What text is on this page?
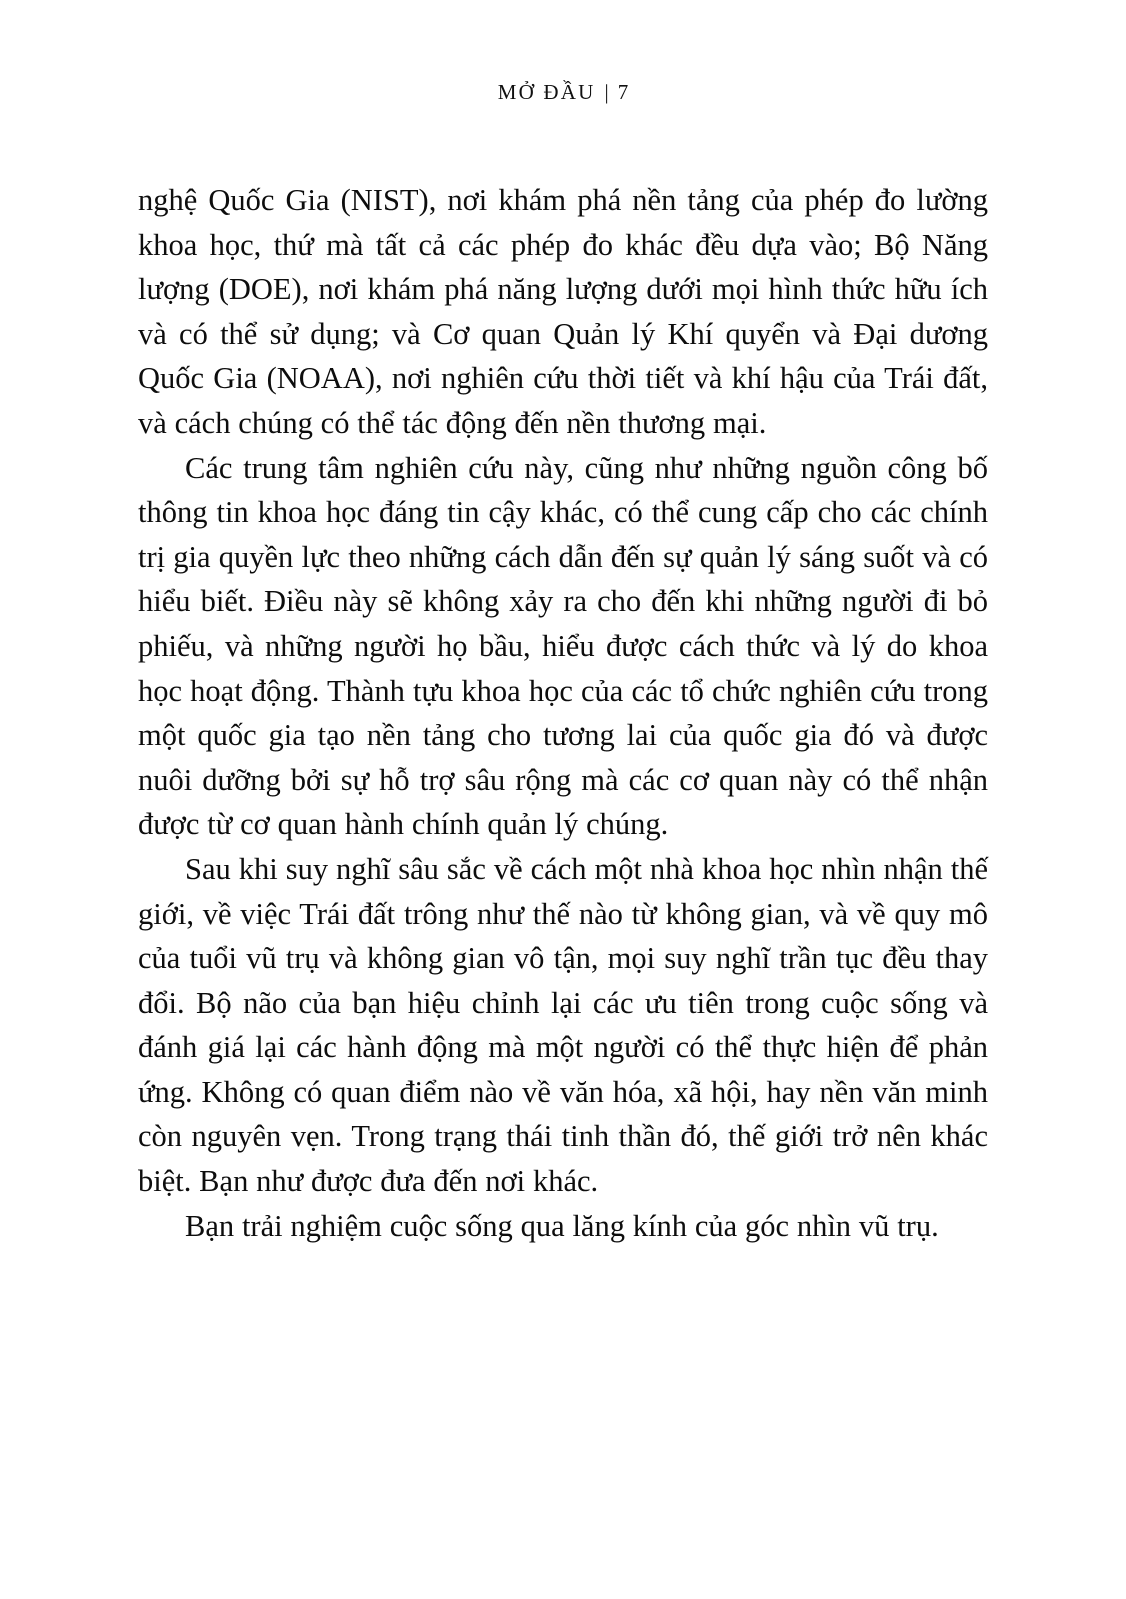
MỞ ĐẦU | 7

nghệ Quốc Gia (NIST), nơi khám phá nền tảng của phép đo lường khoa học, thứ mà tất cả các phép đo khác đều dựa vào; Bộ Năng lượng (DOE), nơi khám phá năng lượng dưới mọi hình thức hữu ích và có thể sử dụng; và Cơ quan Quản lý Khí quyển và Đại dương Quốc Gia (NOAA), nơi nghiên cứu thời tiết và khí hậu của Trái đất, và cách chúng có thể tác động đến nền thương mại.

Các trung tâm nghiên cứu này, cũng như những nguồn công bố thông tin khoa học đáng tin cậy khác, có thể cung cấp cho các chính trị gia quyền lực theo những cách dẫn đến sự quản lý sáng suốt và có hiểu biết. Điều này sẽ không xảy ra cho đến khi những người đi bỏ phiếu, và những người họ bầu, hiểu được cách thức và lý do khoa học hoạt động. Thành tựu khoa học của các tổ chức nghiên cứu trong một quốc gia tạo nền tảng cho tương lai của quốc gia đó và được nuôi dưỡng bởi sự hỗ trợ sâu rộng mà các cơ quan này có thể nhận được từ cơ quan hành chính quản lý chúng.

Sau khi suy nghĩ sâu sắc về cách một nhà khoa học nhìn nhận thế giới, về việc Trái đất trông như thế nào từ không gian, và về quy mô của tuổi vũ trụ và không gian vô tận, mọi suy nghĩ trần tục đều thay đổi. Bộ não của bạn hiệu chỉnh lại các ưu tiên trong cuộc sống và đánh giá lại các hành động mà một người có thể thực hiện để phản ứng. Không có quan điểm nào về văn hóa, xã hội, hay nền văn minh còn nguyên vẹn. Trong trạng thái tinh thần đó, thế giới trở nên khác biệt. Bạn như được đưa đến nơi khác.

Bạn trải nghiệm cuộc sống qua lăng kính của góc nhìn vũ trụ.
